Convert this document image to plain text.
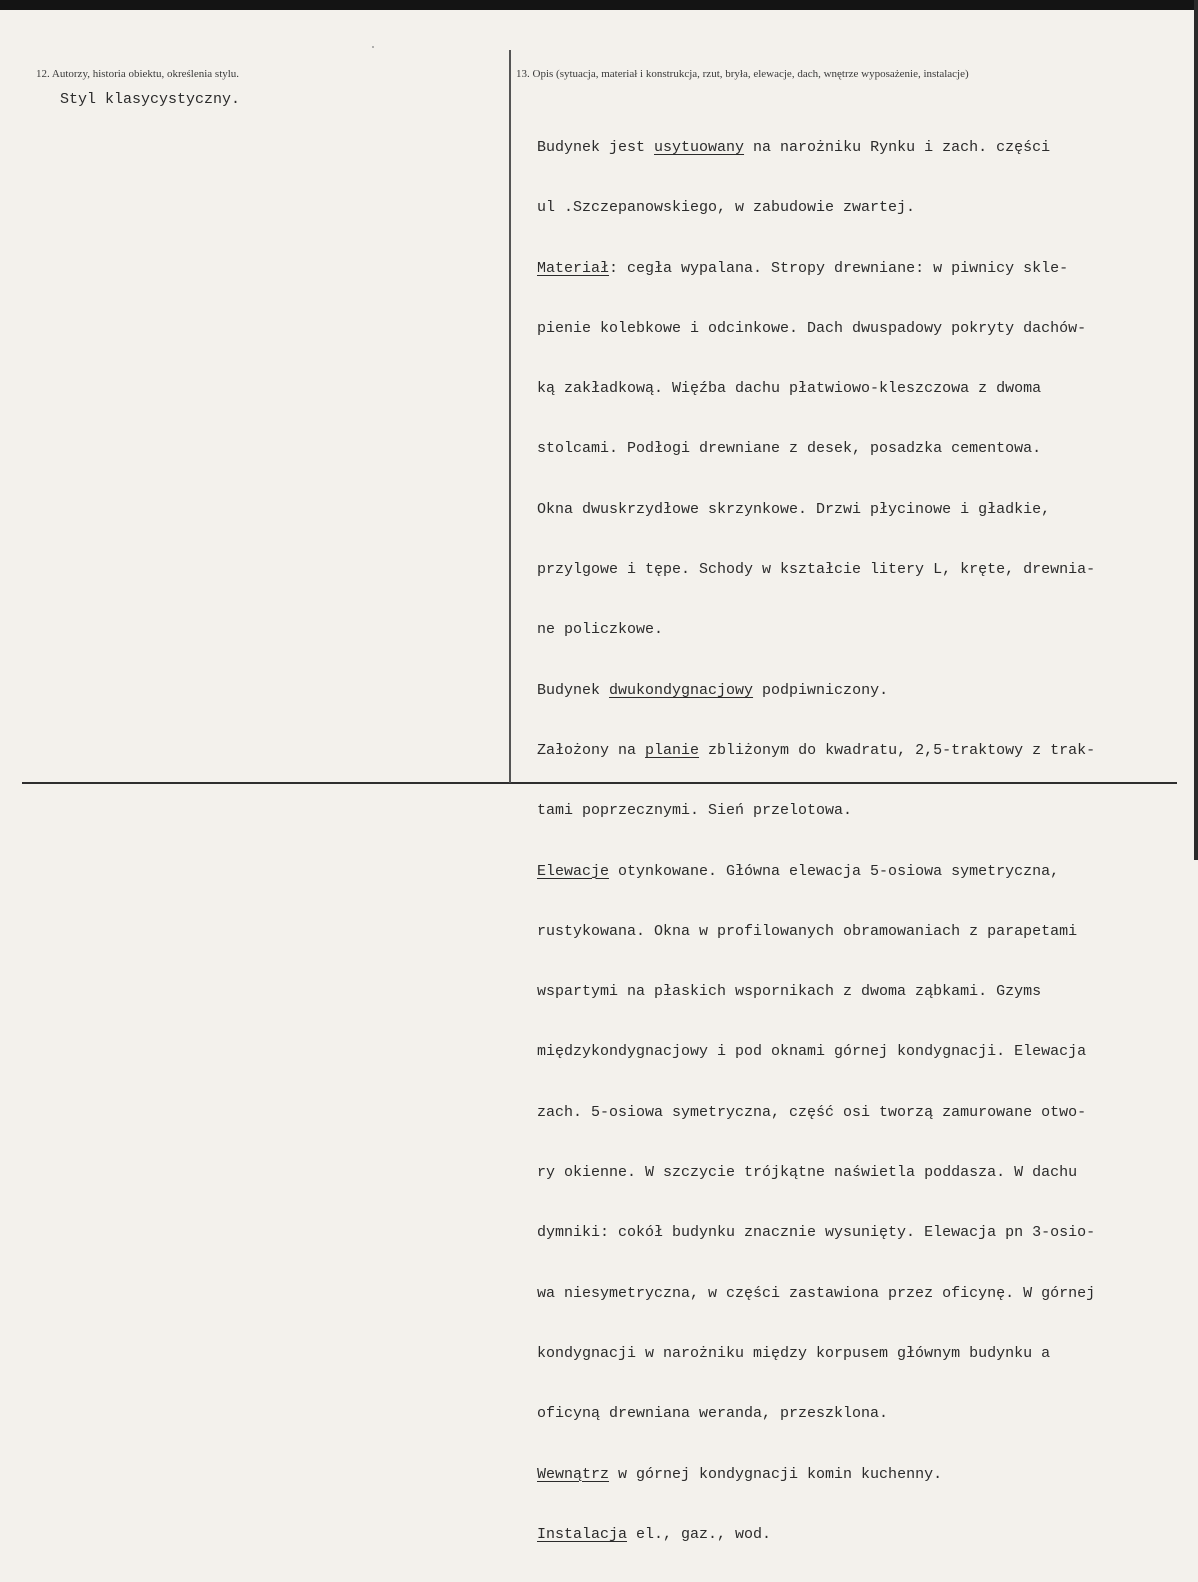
12. Autorzy, historia obiektu, określenia stylu.
Styl klasycystyczny.
13. Opis (sytuacja, materiał i konstrukcja, rzut, bryła, elewacje, dach, wnętrze wyposażenie, instalacje)

Budynek jest usytuowany na narożniku Rynku i zach. części

ul .Szczepanowskiego, w zabudowie zwartej.

Materiał: cegła wypalana. Stropy drewniane: w piwnicy skle-

pienie kolebkowe i odcinkowe. Dach dwuspadowy pokryty dachów-

ką zakładkową. Więźba dachu płatwiowo-kleszczowa z dwoma

stolcami. Podłogi drewniane z desek, posadzka cementowa.

Okna dwuskrzydłowe skrzynkowe. Drzwi płycinowe i gładkie,

przylgowe i tępe. Schody w kształcie litery L, kręte, drewnia-

ne policzkowe.

Budynek dwukondygnacjowy podpiwniczony.

Założony na planie zbliżonym do kwadratu, 2,5-traktowy z trak-

tami poprzecznymi. Sień przelotowa.

Elewacje otynkowane. Główna elewacja 5-osiowa symetryczna,

rustykowana. Okna w profilowanych obramowaniach z parapetami

wspartymi na płaskich wspornikach z dwoma ząbkami. Gzyms

międzykondygnacjowy i pod oknami górnej kondygnacji. Elewacja

zach. 5-osiowa symetryczna, część osi tworzą zamurowane otwo-

ry okienne. W szczycie trójkątne naświetla poddasza. W dachu

dymniki: cokół budynku znacznie wysunięty. Elewacja pn 3-osio-

wa niesymetryczna, w części zastawiona przez oficynę. W górnej

kondygnacji w narożniku między korpusem głównym budynku a

oficyną drewniana weranda, przeszklona.

Wewnątrz w górnej kondygnacji komin kuchenny.

Instalacja el., gaz., wod.
